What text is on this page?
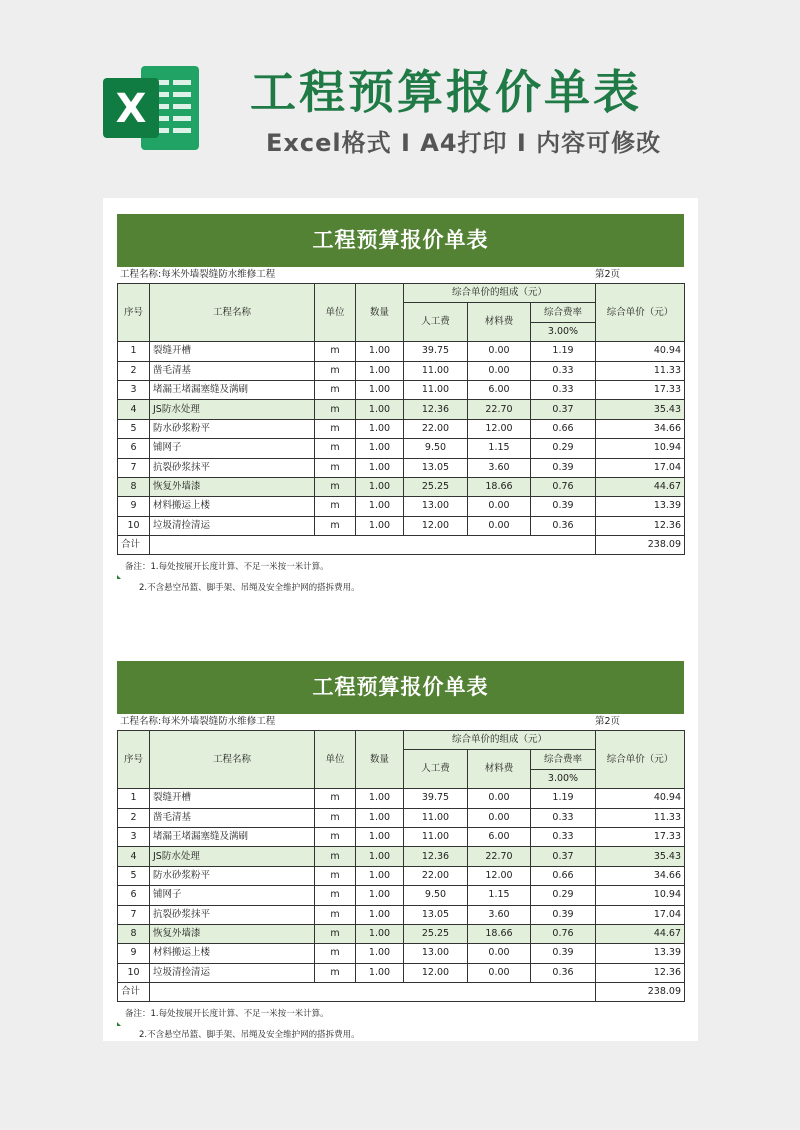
X 工程预算报价单表

Excel格式 I A4打印 I 内容可修改

工程预算报价单表
工程名称:每米外墙裂缝防水维修工程	第2页
序号	工程名称	单位	数量	综合单价的组成（元）			综合单价（元）
				人工费	材料费	综合费率	
						3.00%	
1	裂缝开槽	m	1.00	39.75	0.00	1.19	40.94
2	凿毛清基	m	1.00	11.00	0.00	0.33	11.33
3	堵漏王堵漏塞缝及满刷	m	1.00	11.00	6.00	0.33	17.33
4	JS防水处理	m	1.00	12.36	22.70	0.37	35.43
5	防水砂浆粉平	m	1.00	22.00	12.00	0.66	34.66
6	铺网子	m	1.00	9.50	1.15	0.29	10.94
7	抗裂砂浆抹平	m	1.00	13.05	3.60	0.39	17.04
8	恢复外墙漆	m	1.00	25.25	18.66	0.76	44.67
9	材料搬运上楼	m	1.00	13.00	0.00	0.39	13.39
10	垃圾清捡清运	m	1.00	12.00	0.00	0.36	12.36
合计							238.09
备注：1.每处按展开长度计算、不足一米按一米计算。
2.不含悬空吊篮、脚手架、吊绳及安全维护网的搭拆费用。
工程预算报价单表
工程名称:每米外墙裂缝防水维修工程	第2页
序号	工程名称	单位	数量	综合单价的组成（元）			综合单价（元）
				人工费	材料费	综合费率	
						3.00%	
1	裂缝开槽	m	1.00	39.75	0.00	1.19	40.94
2	凿毛清基	m	1.00	11.00	0.00	0.33	11.33
3	堵漏王堵漏塞缝及满刷	m	1.00	11.00	6.00	0.33	17.33
4	JS防水处理	m	1.00	12.36	22.70	0.37	35.43
5	防水砂浆粉平	m	1.00	22.00	12.00	0.66	34.66
6	铺网子	m	1.00	9.50	1.15	0.29	10.94
7	抗裂砂浆抹平	m	1.00	13.05	3.60	0.39	17.04
8	恢复外墙漆	m	1.00	25.25	18.66	0.76	44.67
9	材料搬运上楼	m	1.00	13.00	0.00	0.39	13.39
10	垃圾清捡清运	m	1.00	12.00	0.00	0.36	12.36
合计							238.09
备注：1.每处按展开长度计算、不足一米按一米计算。
2.不含悬空吊篮、脚手架、吊绳及安全维护网的搭拆费用。
